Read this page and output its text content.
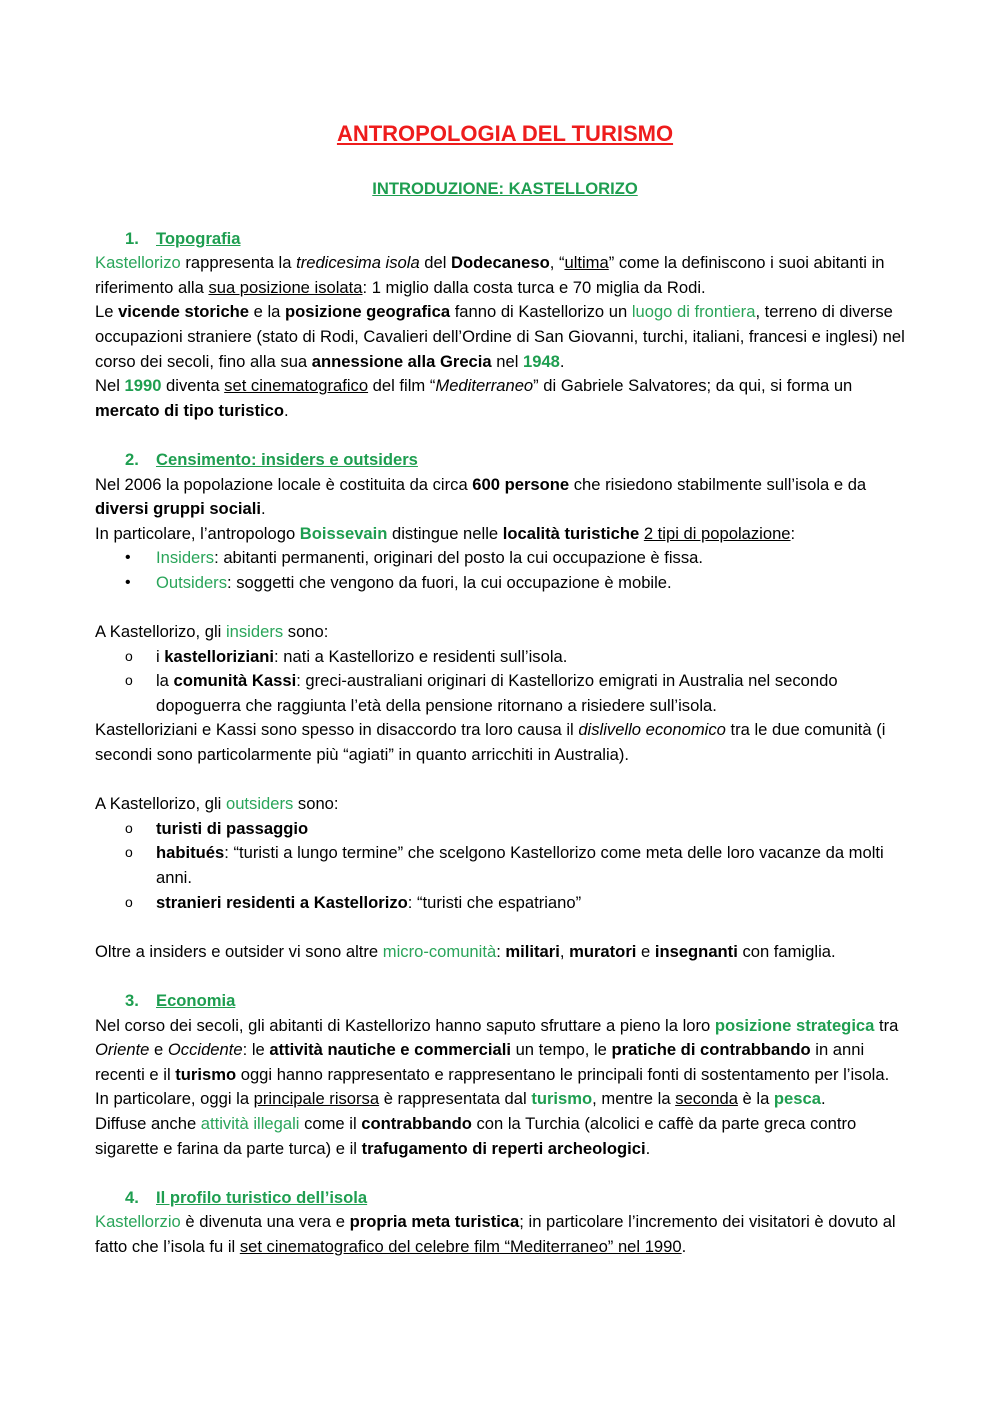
ANTROPOLOGIA DEL TURISMO
INTRODUZIONE: KASTELLORIZO
1. Topografia

Kastellorizo rappresenta la tredicesima isola del Dodecaneso, “ultima” come la definiscono i suoi abitanti in riferimento alla sua posizione isolata: 1 miglio dalla costa turca e 70 miglia da Rodi.

Le vicende storiche e la posizione geografica fanno di Kastellorizo un luogo di frontiera, terreno di diverse occupazioni straniere (stato di Rodi, Cavalieri dell’Ordine di San Giovanni, turchi, italiani, francesi e inglesi) nel corso dei secoli, fino alla sua annessione alla Grecia nel 1948.

Nel 1990 diventa set cinematografico del film “Mediterraneo” di Gabriele Salvatores; da qui, si forma un mercato di tipo turistico.

2. Censimento: insiders e outsiders

Nel 2006 la popolazione locale è costituita da circa 600 persone che risiedono stabilmente sull’isola e da diversi gruppi sociali.

In particolare, l’antropologo Boissevain distingue nelle località turistiche 2 tipi di popolazione:

• Insiders: abitanti permanenti, originari del posto la cui occupazione è fissa.
• Outsiders: soggetti che vengono da fuori, la cui occupazione è mobile.

A Kastellorizo, gli insiders sono:

o i kastelloriziani: nati a Kastellorizo e residenti sull’isola.
o la comunità Kassi: greci-australiani originari di Kastellorizo emigrati in Australia nel secondo dopoguerra che raggiunta l’età della pensione ritornano a risiedere sull’isola.

Kastelloriziani e Kassi sono spesso in disaccordo tra loro causa il dislivello economico tra le due comunità (i secondi sono particolarmente più “agiati” in quanto arricchiti in Australia).

A Kastellorizo, gli outsiders sono:

o turisti di passaggio
o habitués: “turisti a lungo termine” che scelgono Kastellorizo come meta delle loro vacanze da molti anni.
o stranieri residenti a Kastellorizo: “turisti che espatriano”

Oltre a insiders e outsider vi sono altre micro-comunità: militari, muratori e insegnanti con famiglia.

3. Economia

Nel corso dei secoli, gli abitanti di Kastellorizo hanno saputo sfruttare a pieno la loro posizione strategica tra Oriente e Occidente: le attività nautiche e commerciali un tempo, le pratiche di contrabbando in anni recenti e il turismo oggi hanno rappresentato e rappresentano le principali fonti di sostentamento per l’isola.

In particolare, oggi la principale risorsa è rappresentata dal turismo, mentre la seconda è la pesca.

Diffuse anche attività illegali come il contrabbando con la Turchia (alcolici e caffè da parte greca contro sigarette e farina da parte turca) e il trafugamento di reperti archeologici.

4. Il profilo turistico dell’isola

Kastellorzio è divenuta una vera e propria meta turistica; in particolare l’incremento dei visitatori è dovuto al fatto che l’isola fu il set cinematografico del celebre film “Mediterraneo” nel 1990.
